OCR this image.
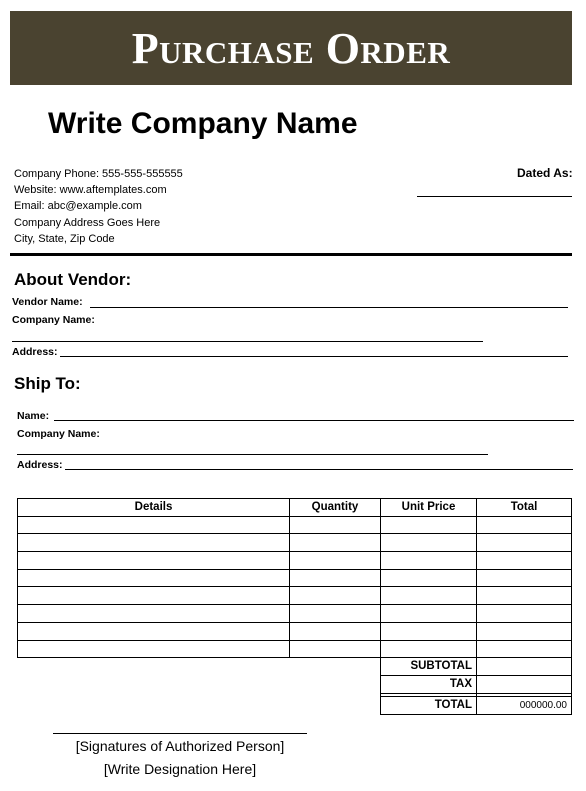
Purchase Order
Write Company Name
Company Phone: 555-555-555555
Website: www.aftemplates.com
Email: abc@example.com
Company Address Goes Here
City, State, Zip Code
Dated As:
About Vendor:
Vendor Name:
Company Name:
Address:
Ship To:
Name:
Company Name:
Address:
Details	Quantity	Unit Price	Total

SUBTOTAL	
TAX	

TOTAL	000000.00
[Signatures of Authorized Person]
[Write Designation Here]
